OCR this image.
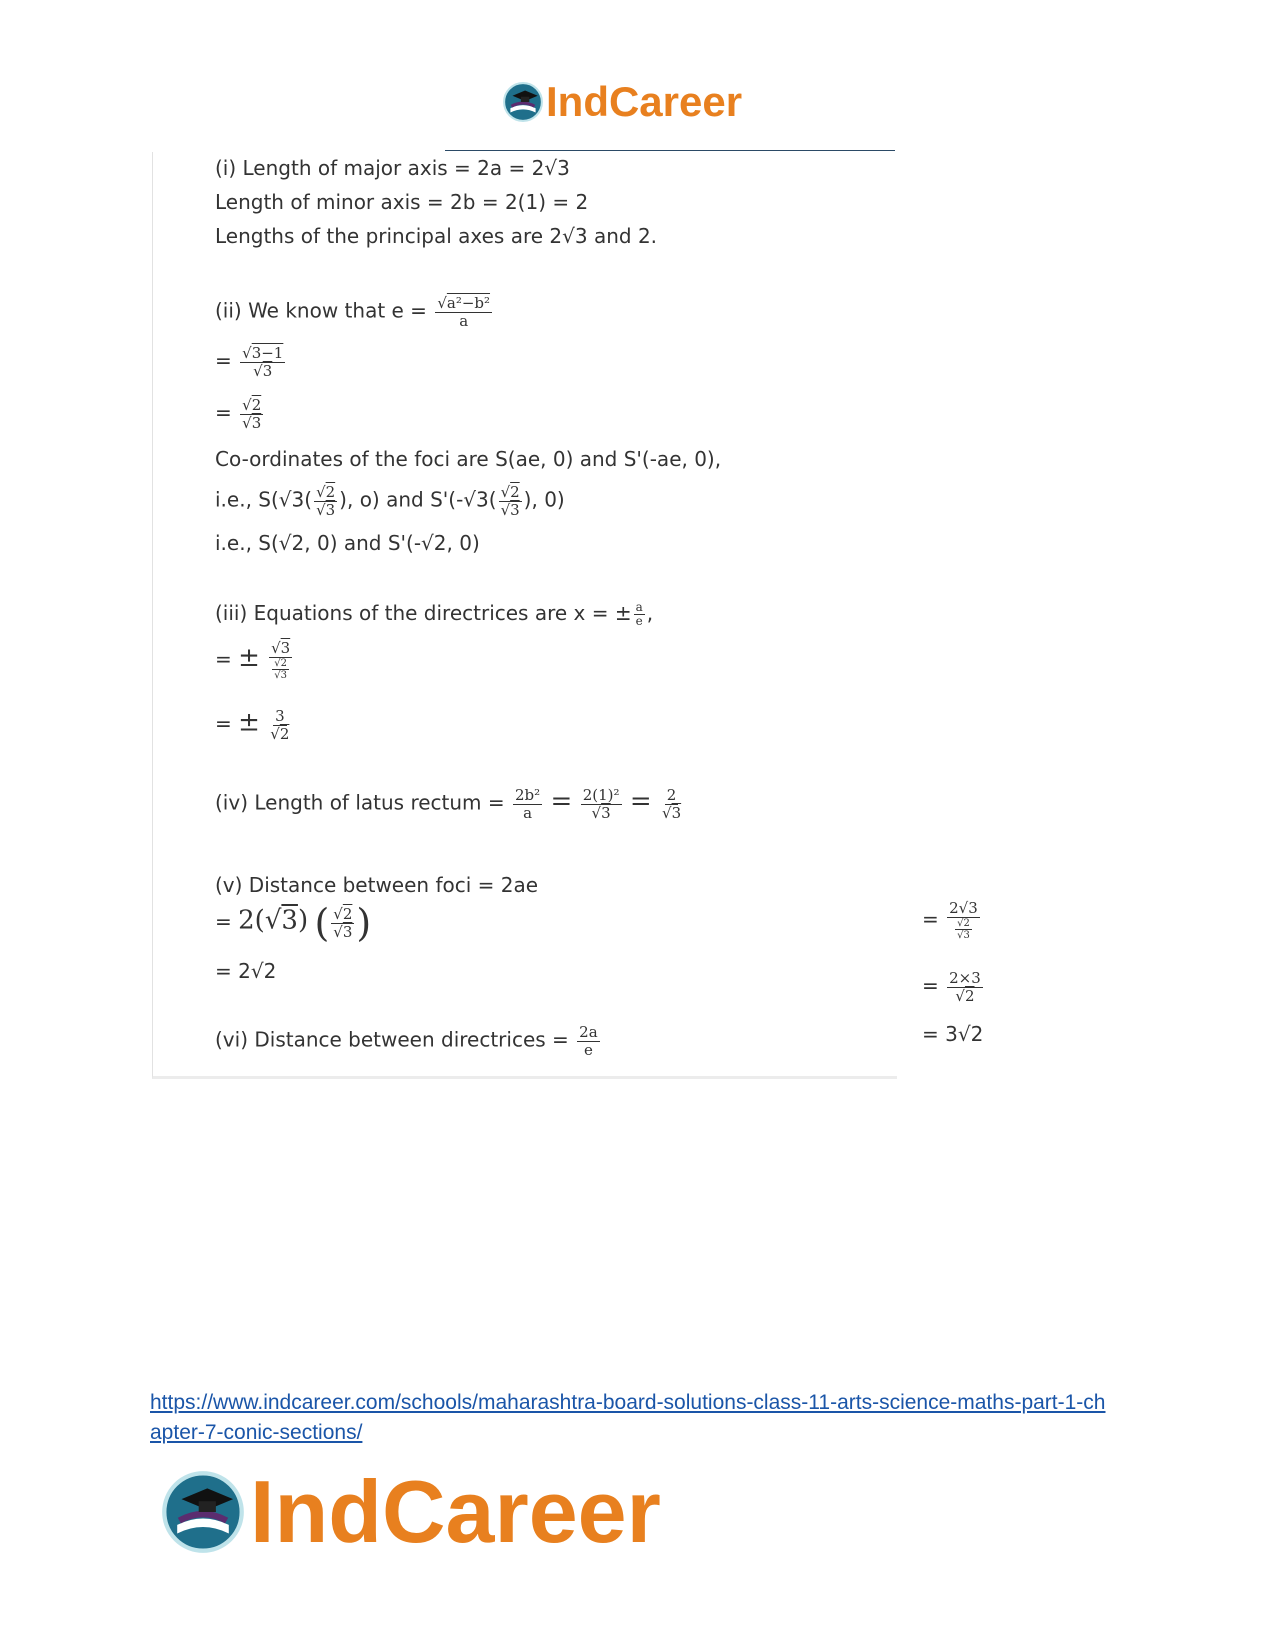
IndCareer
(i) Length of major axis = 2a = 2√3
Length of minor axis = 2b = 2(1) = 2
Lengths of the principal axes are 2√3 and 2.
(ii) We know that $e = \frac{\text{√a²−b²}}{a}$
= $\frac{√3-1}{√3}$
= $\frac{√2}{√3}$
Co-ordinates of the foci are S(ae, 0) and S'(-ae, 0),
i.e., $S(√3( \frac{√2}{√3}$ ), o) and $S'(-√3( \frac{√2}{√3}$ ), 0)
i.e., S(√2, 0) and S'(-√2, 0)
(iii) Equations of the directrices are x = ± $\frac{a}{e}$ ,
= ± $\frac{√3}{\frac{√2}{√3}}$
= ± $\frac{3}{√2}$
(iv) Length of latus rectum = $\frac{\text{2b²}}{a} = \frac{\text{2(1)²}}{√3} = \frac{2}{√3}$
(v) Distance between foci = 2ae
= 2(√3) ( $\frac{√2}{√3}$ )
= 2√2
(vi) Distance between directrices = $\frac{2a}{e}$
= $\frac{2√3}{\frac{√2}{√3}}$
= $\frac{2\times 3}{√2}$
= 3√2
https://www.indcareer.com/schools/maharashtra-board-solutions-class-11-arts-science-maths-part-1-chapter-7-conic-sections/
IndCareer
